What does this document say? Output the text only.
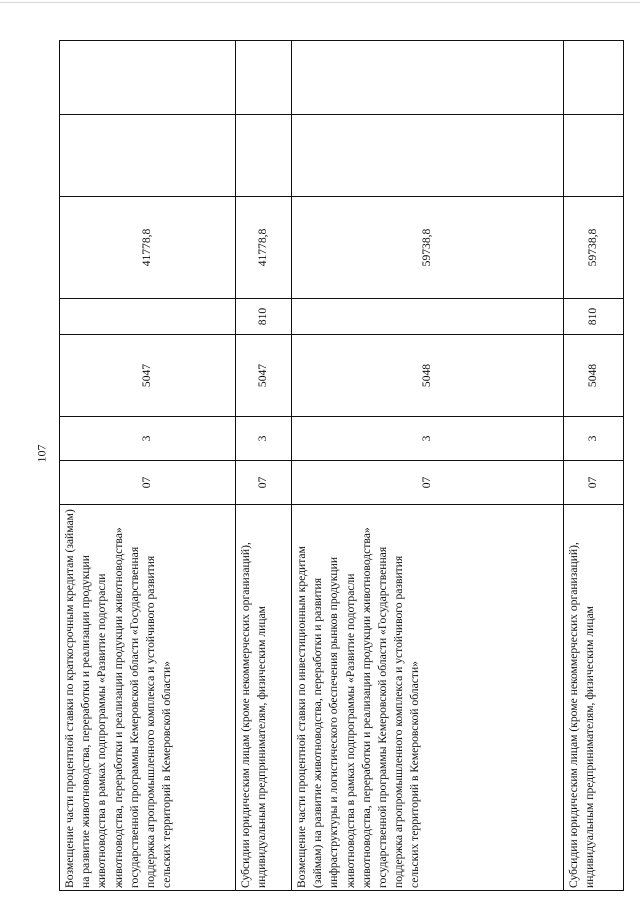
107
Возмещение части процентной ставки по краткосрочным кредитам (займам) на развитие животноводства, переработки и реализации продукции животноводства в рамках подпрограммы «Развитие подотрасли животноводства, переработки и реализации продукции животноводства» государственной программы Кемеровской области «Государственная поддержка агропромышленного комплекса и устойчивого развития сельских территорий в Кемеровской области»	07	3	5047		41778,8		
Субсидии юридическим лицам (кроме некоммерческих организаций), индивидуальным предпринимателям, физическим лицам	07	3	5047	810	41778,8		
Возмещение части процентной ставки по инвестиционным кредитам (займам) на развитие животноводства, переработки и развития инфраструктуры и логистического обеспечения рынков продукции животноводства в рамках подпрограммы «Развитие подотрасли животноводства, переработки и реализации продукции животноводства» государственной программы Кемеровской области «Государственная поддержка агропромышленного комплекса и устойчивого развития сельских территорий в Кемеровской области»	07	3	5048		59738,8		
Субсидии юридическим лицам (кроме некоммерческих организаций), индивидуальным предпринимателям, физическим лицам	07	3	5048	810	59738,8		
